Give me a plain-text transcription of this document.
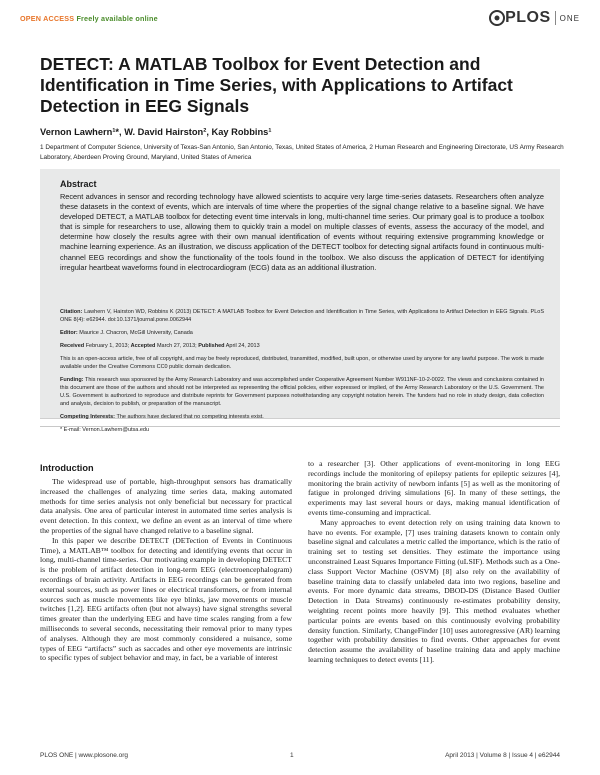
OPEN ACCESS Freely available online	PLOS ONE
DETECT: A MATLAB Toolbox for Event Detection and Identification in Time Series, with Applications to Artifact Detection in EEG Signals
Vernon Lawhern¹*, W. David Hairston², Kay Robbins¹
1 Department of Computer Science, University of Texas-San Antonio, San Antonio, Texas, United States of America, 2 Human Research and Engineering Directorate, US Army Research Laboratory, Aberdeen Proving Ground, Maryland, United States of America
Abstract
Recent advances in sensor and recording technology have allowed scientists to acquire very large time-series datasets. Researchers often analyze these datasets in the context of events, which are intervals of time where the properties of the signal change relative to a baseline signal. We have developed DETECT, a MATLAB toolbox for detecting event time intervals in long, multi-channel time series. Our primary goal is to produce a toolbox that is simple for researchers to use, allowing them to quickly train a model on multiple classes of events, assess the accuracy of the model, and determine how closely the results agree with their own manual identification of events without requiring extensive programming knowledge or machine learning experience. As an illustration, we discuss application of the DETECT toolbox for detecting signal artifacts found in continuous multi-channel EEG recordings and show the functionality of the tools found in the toolbox. We also discuss the application of DETECT for identifying irregular heartbeat waveforms found in electrocardiogram (ECG) data as an additional illustration.

Citation: Lawhern V, Hairston WD, Robbins K (2013) DETECT: A MATLAB Toolbox for Event Detection and Identification in Time Series, with Applications to Artifact Detection in EEG Signals. PLoS ONE 8(4): e62944. doi:10.1371/journal.pone.0062944

Editor: Maurice J. Chacron, McGill University, Canada

Received February 1, 2013; Accepted March 27, 2013; Published April 24, 2013

This is an open-access article, free of all copyright, and may be freely reproduced, distributed, transmitted, modified, built upon, or otherwise used by anyone for any lawful purpose. The work is made available under the Creative Commons CC0 public domain dedication.

Funding: This research was sponsored by the Army Research Laboratory and was accomplished under Cooperative Agreement Number W911NF-10-2-0022. The views and conclusions contained in this document are those of the authors and should not be interpreted as representing the official policies, either expressed or implied, of the Army Research Laboratory or the U.S. Government. The U.S. Government is authorized to reproduce and distribute reprints for Government purposes notwithstanding any copyright notation herein. The funders had no role in study design, data collection and analysis, decision to publish, or preparation of the manuscript.

Competing Interests: The authors have declared that no competing interests exist.

* E-mail: Vernon.Lawhern@utsa.edu

Introduction

The widespread use of portable, high-throughput sensors has dramatically increased the challenges of analyzing time series data, making automated methods for time series analysis not only beneficial but necessary for practical data analysis. One area of particular interest in automated time series analysis is event detection. In this context, we define an event as an interval of time where the properties of the signal have changed relative to a baseline signal.

In this paper we describe DETECT (DETection of Events in Continuous Time), a MATLAB™ toolbox for detecting and identifying events that occur in long, multi-channel time-series. Our motivating example in developing DETECT is the problem of artifact detection in long-term EEG (electroencephalogram) recordings of brain activity. Artifacts in EEG recordings can be generated from external sources, such as power lines or electrical transformers, or from internal sources such as muscle movements like eye blinks, jaw movements or muscle twitches [1,2]. EEG artifacts often (but not always) have signal strengths several times greater than the underlying EEG and have time scales ranging from a few milliseconds to several seconds, necessitating their removal prior to many types of analyses. Although they are most commonly considered a nuisance, some types of EEG “artifacts” such as saccades and other eye movements are intrinsic to specific types of subject behavior and may, in fact, be a variable of interest

to a researcher [3]. Other applications of event-monitoring in long EEG recordings include the monitoring of epilepsy patients for epileptic seizures [4], monitoring the brain activity of newborn infants [5] as well as the monitoring of fatigue in prolonged driving simulations [6]. In many of these settings, the experiments may last several hours or days, making manual identification of events time-consuming and impractical.

Many approaches to event detection rely on using training data known to have no events. For example, [7] uses training datasets known to contain only baseline signal and calculates a metric called the importance, which is the ratio of training set to testing set densities. They estimate the importance using unconstrained Least Squares Importance Fitting (uLSIF). Methods such as a One-class Support Vector Machine (OSVM) [8] also rely on the availability of baseline training data to classify unlabeled data into two regions, baseline and events. For more dynamic data streams, DBOD-DS (Distance Based Outlier Detection in Data Streams) continuously re-estimates probability density, weighting recent points more heavily [9]. This method evaluates whether particular points are events based on this continuously evolving probability density function. Similarly, ChangeFinder [10] uses autoregressive (AR) learning together with probability densities to find events. Other approaches for event detection assume the availability of baseline training data and apply machine learning techniques to detect events [11].

PLOS ONE | www.plosone.org	1	April 2013 | Volume 8 | Issue 4 | e62944
